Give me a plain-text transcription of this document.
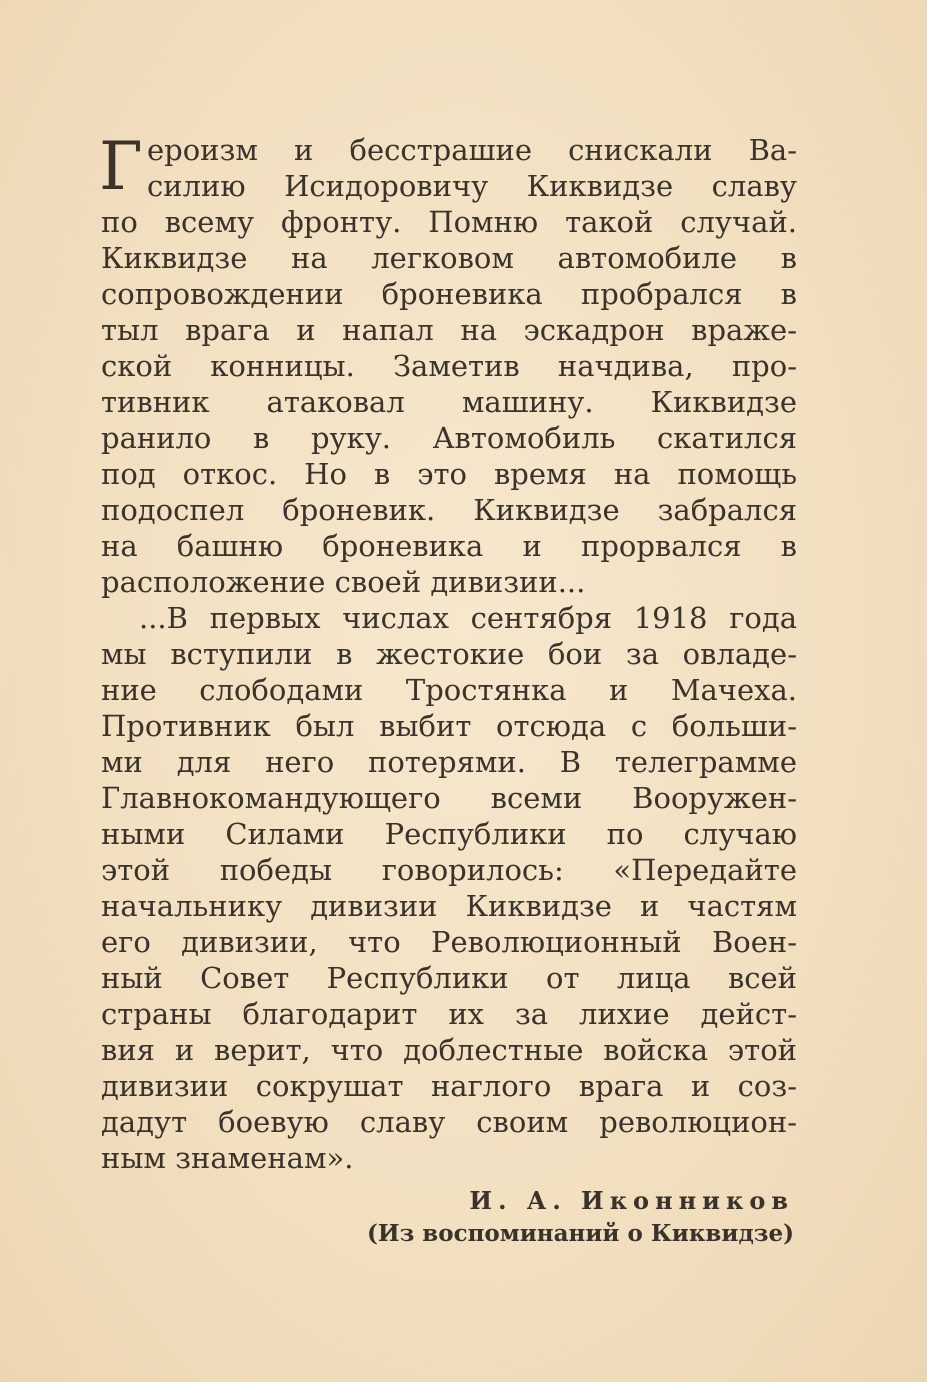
Г ероизм и бесстрашие снискали Ва-
силию Исидоровичу Киквидзе славу
по всему фронту. Помню такой случай.
Киквидзе на легковом автомобиле в
сопровождении броневика пробрался в
тыл врага и напал на эскадрон враже-
ской конницы. Заметив начдива, про-
тивник атаковал машину. Киквидзе
ранило в руку. Автомобиль скатился
под откос. Но в это время на помощь
подоспел броневик. Киквидзе забрался
на башню броневика и прорвался в
расположение своей дивизии...
...В первых числах сентября 1918 года
мы вступили в жестокие бои за овладе-
ние слободами Тростянка и Мачеха.
Противник был выбит отсюда с больши-
ми для него потерями. В телеграмме
Главнокомандующего всеми Вооружен-
ными Силами Республики по случаю
этой победы говорилось: «Передайте
начальнику дивизии Киквидзе и частям
его дивизии, что Революционный Воен-
ный Совет Республики от лица всей
страны благодарит их за лихие дейст-
вия и верит, что доблестные войска этой
дивизии сокрушат наглого врага и соз-
дадут боевую славу своим революцион-
ным знаменам».
И. А. Иконников
(Из воспоминаний о Киквидзе)
